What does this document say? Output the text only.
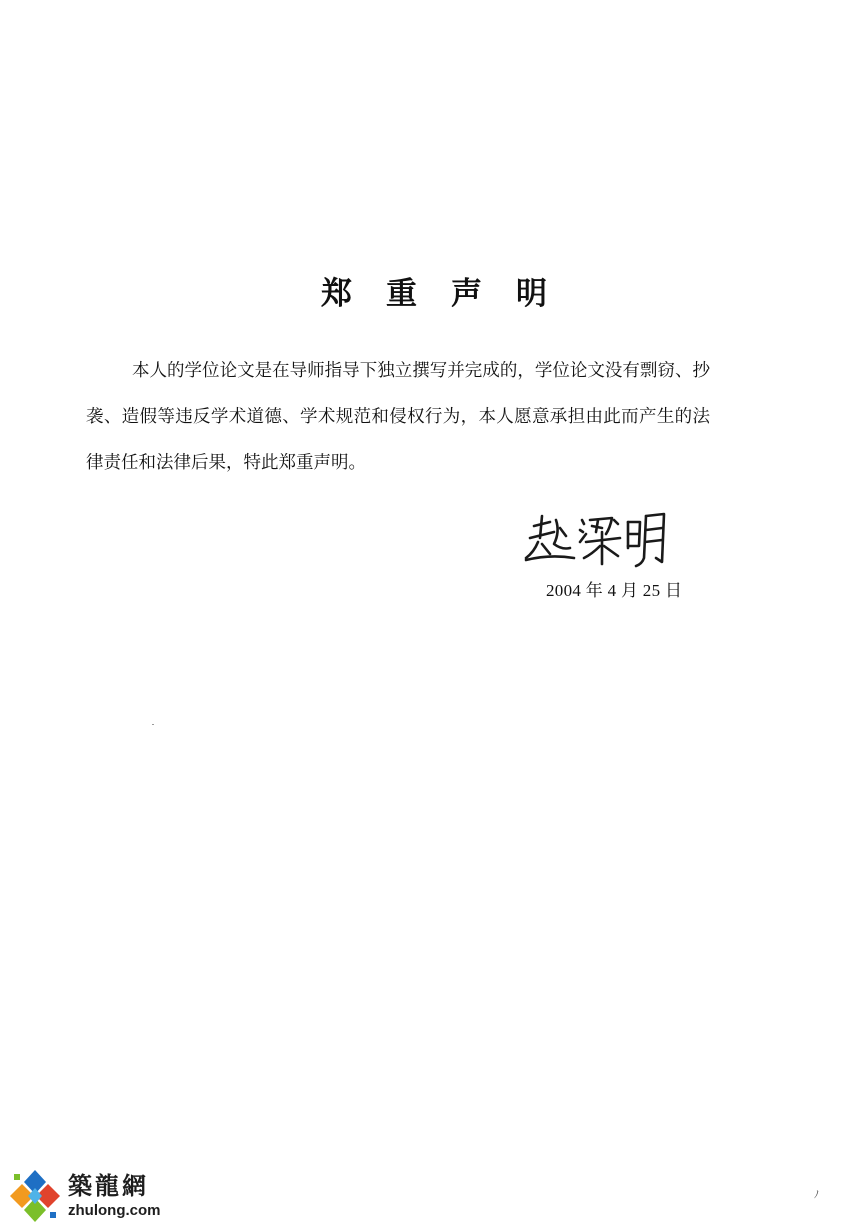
郑重声明

本人的学位论文是在导师指导下独立撰写并完成的，学位论文没有剽窃、抄袭、造假等违反学术道德、学术规范和侵权行为，本人愿意承担由此而产生的法律责任和法律后果，特此郑重声明。

2004 年 4 月 25 日
ﾉ
築龍網
zhulong.com
